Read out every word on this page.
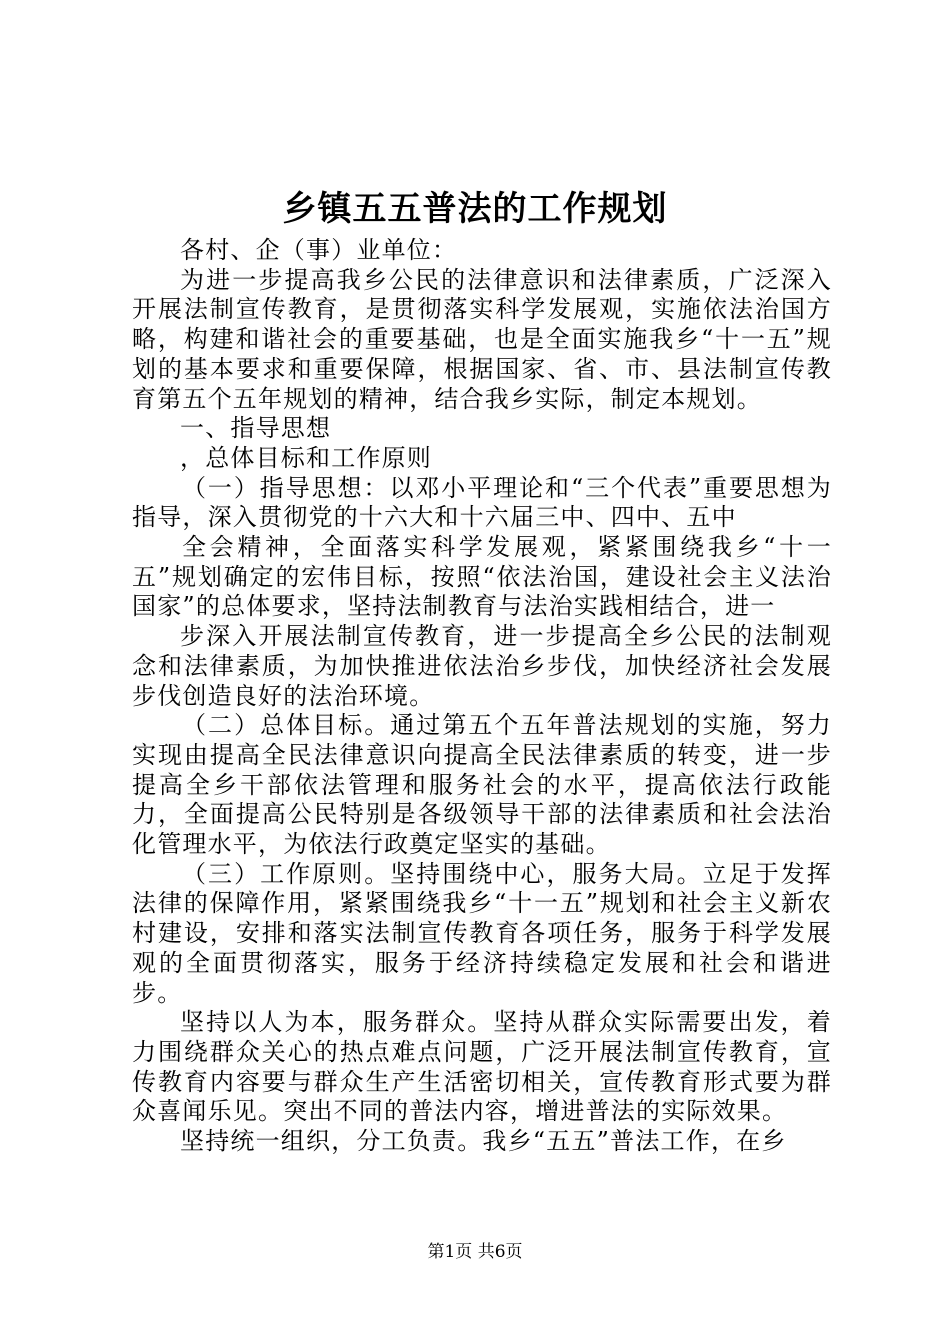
乡镇五五普法的工作规划

各村、企（事）业单位：

为进一步提高我乡公民的法律意识和法律素质，广泛深入开展法制宣传教育，是贯彻落实科学发展观，实施依法治国方略，构建和谐社会的重要基础，也是全面实施我乡“十一五”规划的基本要求和重要保障，根据国家、省、市、县法制宣传教育第五个五年规划的精神，结合我乡实际，制定本规划。

一、指导思想

，总体目标和工作原则

（一）指导思想：以邓小平理论和“三个代表”重要思想为指导，深入贯彻党的十六大和十六届三中、四中、五中

全会精神，全面落实科学发展观，紧紧围绕我乡“十一五”规划确定的宏伟目标，按照“依法治国，建设社会主义法治国家”的总体要求，坚持法制教育与法治实践相结合，进一

步深入开展法制宣传教育，进一步提高全乡公民的法制观念和法律素质，为加快推进依法治乡步伐，加快经济社会发展步伐创造良好的法治环境。

（二）总体目标。通过第五个五年普法规划的实施，努力实现由提高全民法律意识向提高全民法律素质的转变，进一步提高全乡干部依法管理和服务社会的水平，提高依法行政能力，全面提高公民特别是各级领导干部的法律素质和社会法治化管理水平，为依法行政奠定坚实的基础。

（三）工作原则。坚持围绕中心，服务大局。立足于发挥法律的保障作用，紧紧围绕我乡“十一五”规划和社会主义新农村建设，安排和落实法制宣传教育各项任务，服务于科学发展观的全面贯彻落实，服务于经济持续稳定发展和社会和谐进步。

坚持以人为本，服务群众。坚持从群众实际需要出发，着力围绕群众关心的热点难点问题，广泛开展法制宣传教育，宣传教育内容要与群众生产生活密切相关，宣传教育形式要为群众喜闻乐见。突出不同的普法内容，增进普法的实际效果。

坚持统一组织，分工负责。我乡“五五”普法工作，在乡

第1页 共6页
